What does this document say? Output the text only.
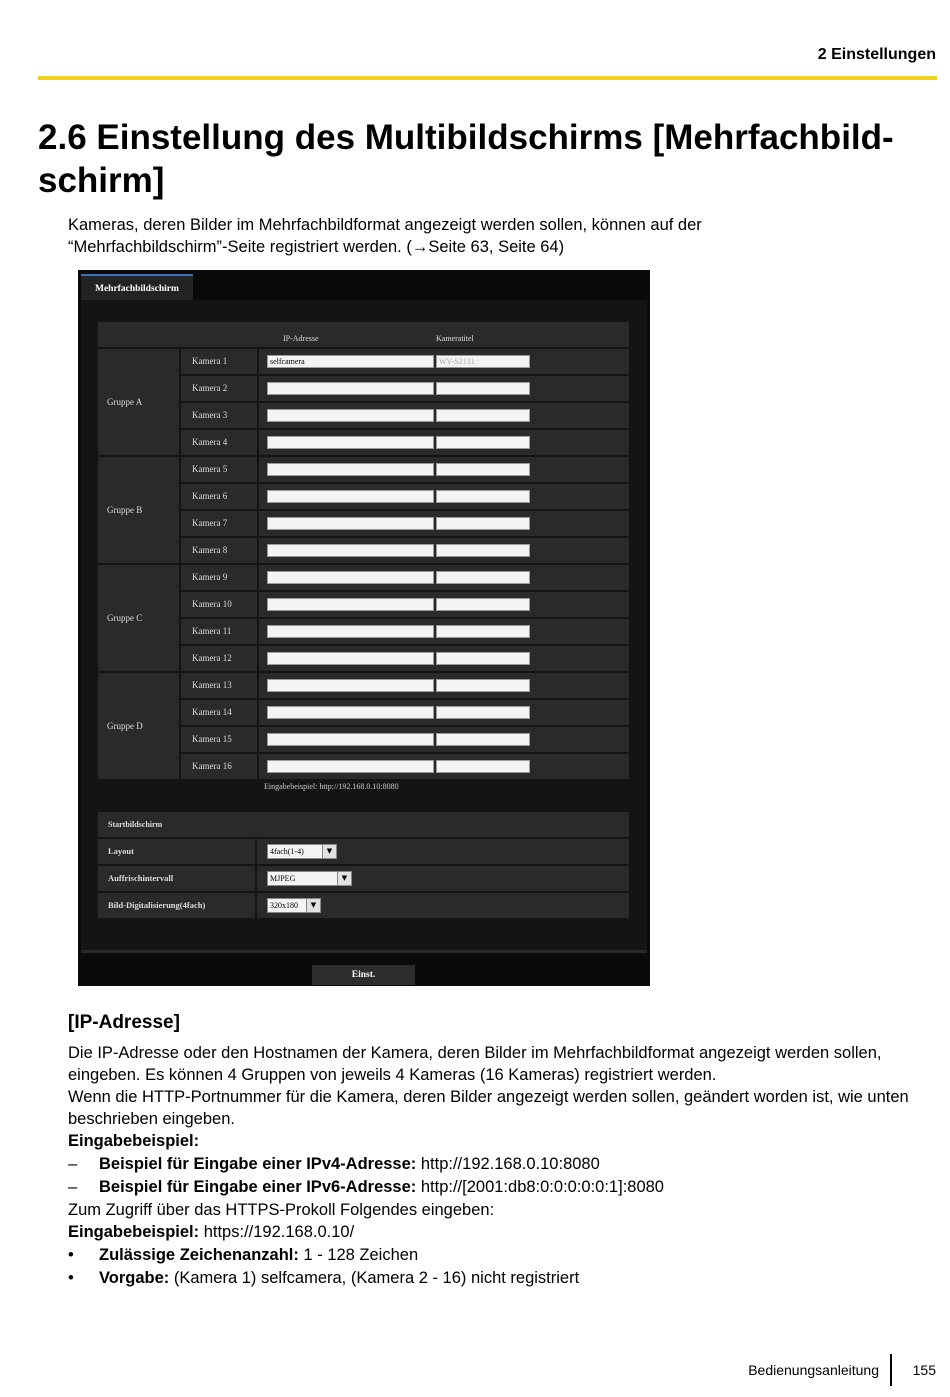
2 Einstellungen
2.6 Einstellung des Multibildschirms [Mehrfachbild-schirm]
Kameras, deren Bilder im Mehrfachbildformat angezeigt werden sollen, können auf der
“Mehrfachbildschirm”-Seite registriert werden. (→Seite 63, Seite 64)
Mehrfachbildschirm
IP-Adresse	Kameratitel
Gruppe A
Kamera 1	selfcamera	WV-S2131
Kamera 2
Kamera 3
Kamera 4
Gruppe B
Kamera 5
Kamera 6
Kamera 7
Kamera 8
Gruppe C
Kamera 9
Kamera 10
Kamera 11
Kamera 12
Gruppe D
Kamera 13
Kamera 14
Kamera 15
Kamera 16
Eingabebeispiel: http://192.168.0.10:8080
Startbildschirm
Layout	4fach(1-4)	▼
Auffrischintervall	MJPEG	▼
Bild-Digitalisierung(4fach)	320x180	▼
Einst.
[IP-Adresse]

Die IP-Adresse oder den Hostnamen der Kamera, deren Bilder im Mehrfachbildformat angezeigt werden sollen, eingeben. Es können 4 Gruppen von jeweils 4 Kameras (16 Kameras) registriert werden.

Wenn die HTTP-Portnummer für die Kamera, deren Bilder angezeigt werden sollen, geändert worden ist, wie unten beschrieben eingeben.

Eingabebeispiel:

– Beispiel für Eingabe einer IPv4-Adresse: http://192.168.0.10:8080
– Beispiel für Eingabe einer IPv6-Adresse: http://[2001:db8:0:0:0:0:0:1]:8080

Zum Zugriff über das HTTPS-Prokoll Folgendes eingeben:

Eingabebeispiel: https://192.168.0.10/

• Zulässige Zeichenanzahl: 1 - 128 Zeichen
• Vorgabe: (Kamera 1) selfcamera, (Kamera 2 - 16) nicht registriert
Bedienungsanleitung 155
